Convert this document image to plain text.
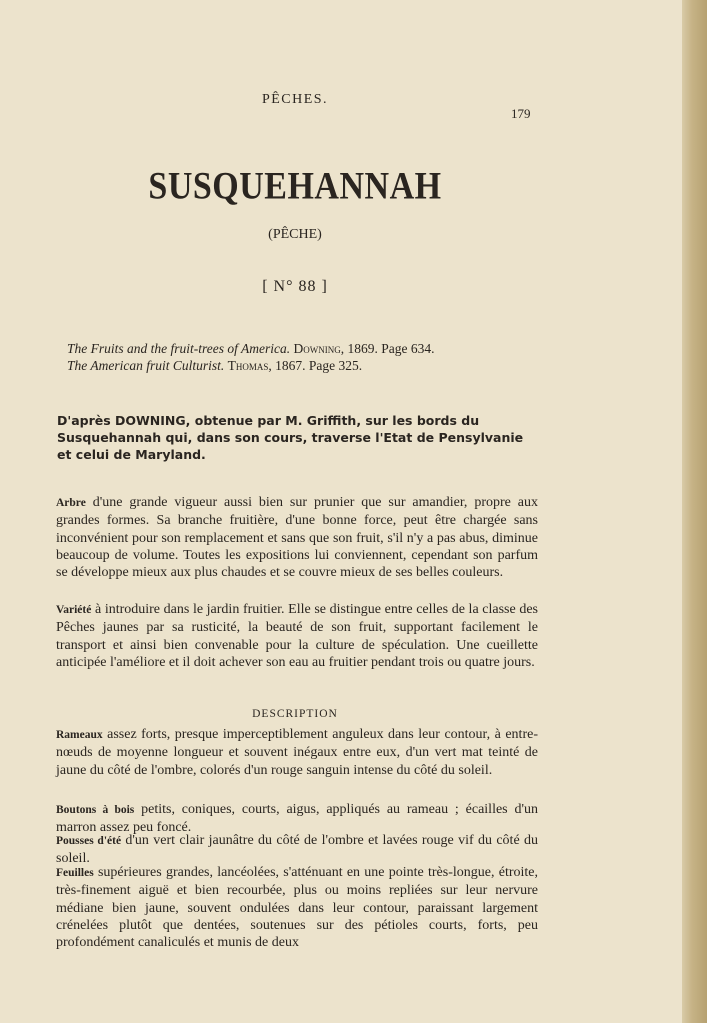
PÊCHES.
179
SUSQUEHANNAH
(PÊCHE)
[ N° 88 ]
The Fruits and the fruit-trees of America. Downing, 1869. Page 634.
The American fruit Culturist. Thomas, 1867. Page 325.
D'après DOWNING, obtenue par M. Griffith, sur les bords du Susquehannah qui, dans son cours, traverse l'Etat de Pensylvanie et celui de Maryland.
Arbre d'une grande vigueur aussi bien sur prunier que sur amandier, propre aux grandes formes. Sa branche fruitière, d'une bonne force, peut être chargée sans inconvénient pour son remplacement et sans que son fruit, s'il n'y a pas abus, diminue beaucoup de volume. Toutes les expositions lui conviennent, cependant son parfum se développe mieux aux plus chaudes et se couvre mieux de ses belles couleurs.
Variété à introduire dans le jardin fruitier. Elle se distingue entre celles de la classe des Pêches jaunes par sa rusticité, la beauté de son fruit, supportant facilement le transport et ainsi bien convenable pour la culture de spéculation. Une cueillette anticipée l'améliore et il doit achever son eau au fruitier pendant trois ou quatre jours.
DESCRIPTION
Rameaux assez forts, presque imperceptiblement anguleux dans leur contour, à entre-nœuds de moyenne longueur et souvent inégaux entre eux, d'un vert mat teinté de jaune du côté de l'ombre, colorés d'un rouge sanguin intense du côté du soleil.
Boutons à bois petits, coniques, courts, aigus, appliqués au rameau ; écailles d'un marron assez peu foncé.
Pousses d'été d'un vert clair jaunâtre du côté de l'ombre et lavées rouge vif du côté du soleil.
Feuilles supérieures grandes, lancéolées, s'atténuant en une pointe très-longue, étroite, très-finement aiguë et bien recourbée, plus ou moins repliées sur leur nervure médiane bien jaune, souvent ondulées dans leur contour, paraissant largement crénelées plutôt que dentées, soutenues sur des pétioles courts, forts, peu profondément canaliculés et munis de deux
